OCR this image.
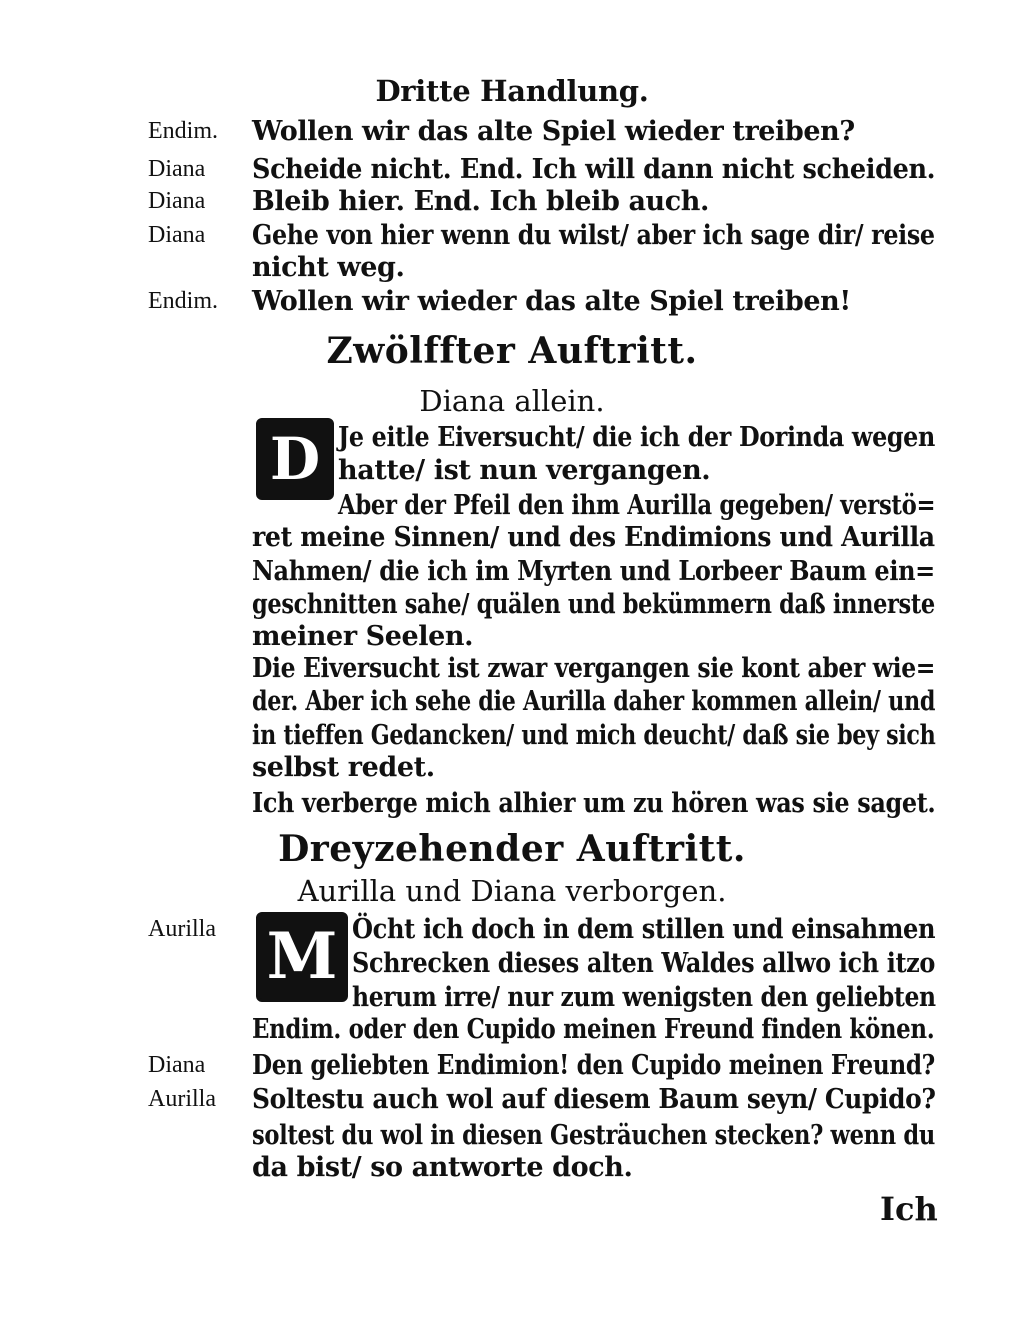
Dritte Handlung.
Endim. Wollen wir das alte Spiel wieder treiben?
Diana Scheide nicht. End. Ich will dann nicht scheiden.
Diana Bleib hier. End. Ich bleib auch.
Diana Gehe von hier wenn du wilst/ aber ich sage dir/ reise
nicht weg.
Endim. Wollen wir wieder das alte Spiel treiben!
Zwölffter Auftritt.
Diana allein.
D Je eitle Eiversucht/ die ich der Dorinda wegen
hatte/ ist nun vergangen.
Aber der Pfeil den ihm Aurilla gegeben/ verstö=
ret meine Sinnen/ und des Endimions und Aurilla
Nahmen/ die ich im Myrten und Lorbeer Baum ein=
geschnitten sahe/ quälen und bekümmern daß innerste
meiner Seelen.
Die Eiversucht ist zwar vergangen sie kont aber wie=
der. Aber ich sehe die Aurilla daher kommen allein/ und
in tieffen Gedancken/ und mich deucht/ daß sie bey sich
selbst redet.
Ich verberge mich alhier um zu hören was sie saget.
Dreyzehender Auftritt.
Aurilla und Diana verborgen.
Aurilla M Öcht ich doch in dem stillen und einsahmen
Schrecken dieses alten Waldes allwo ich itzo
herum irre/ nur zum wenigsten den geliebten
Endim. oder den Cupido meinen Freund finden könen.
Diana Den geliebten Endimion! den Cupido meinen Freund?
Aurilla Soltestu auch wol auf diesem Baum seyn/ Cupido?
soltest du wol in diesen Gesträuchen stecken? wenn du
da bist/ so antworte doch.
Ich
